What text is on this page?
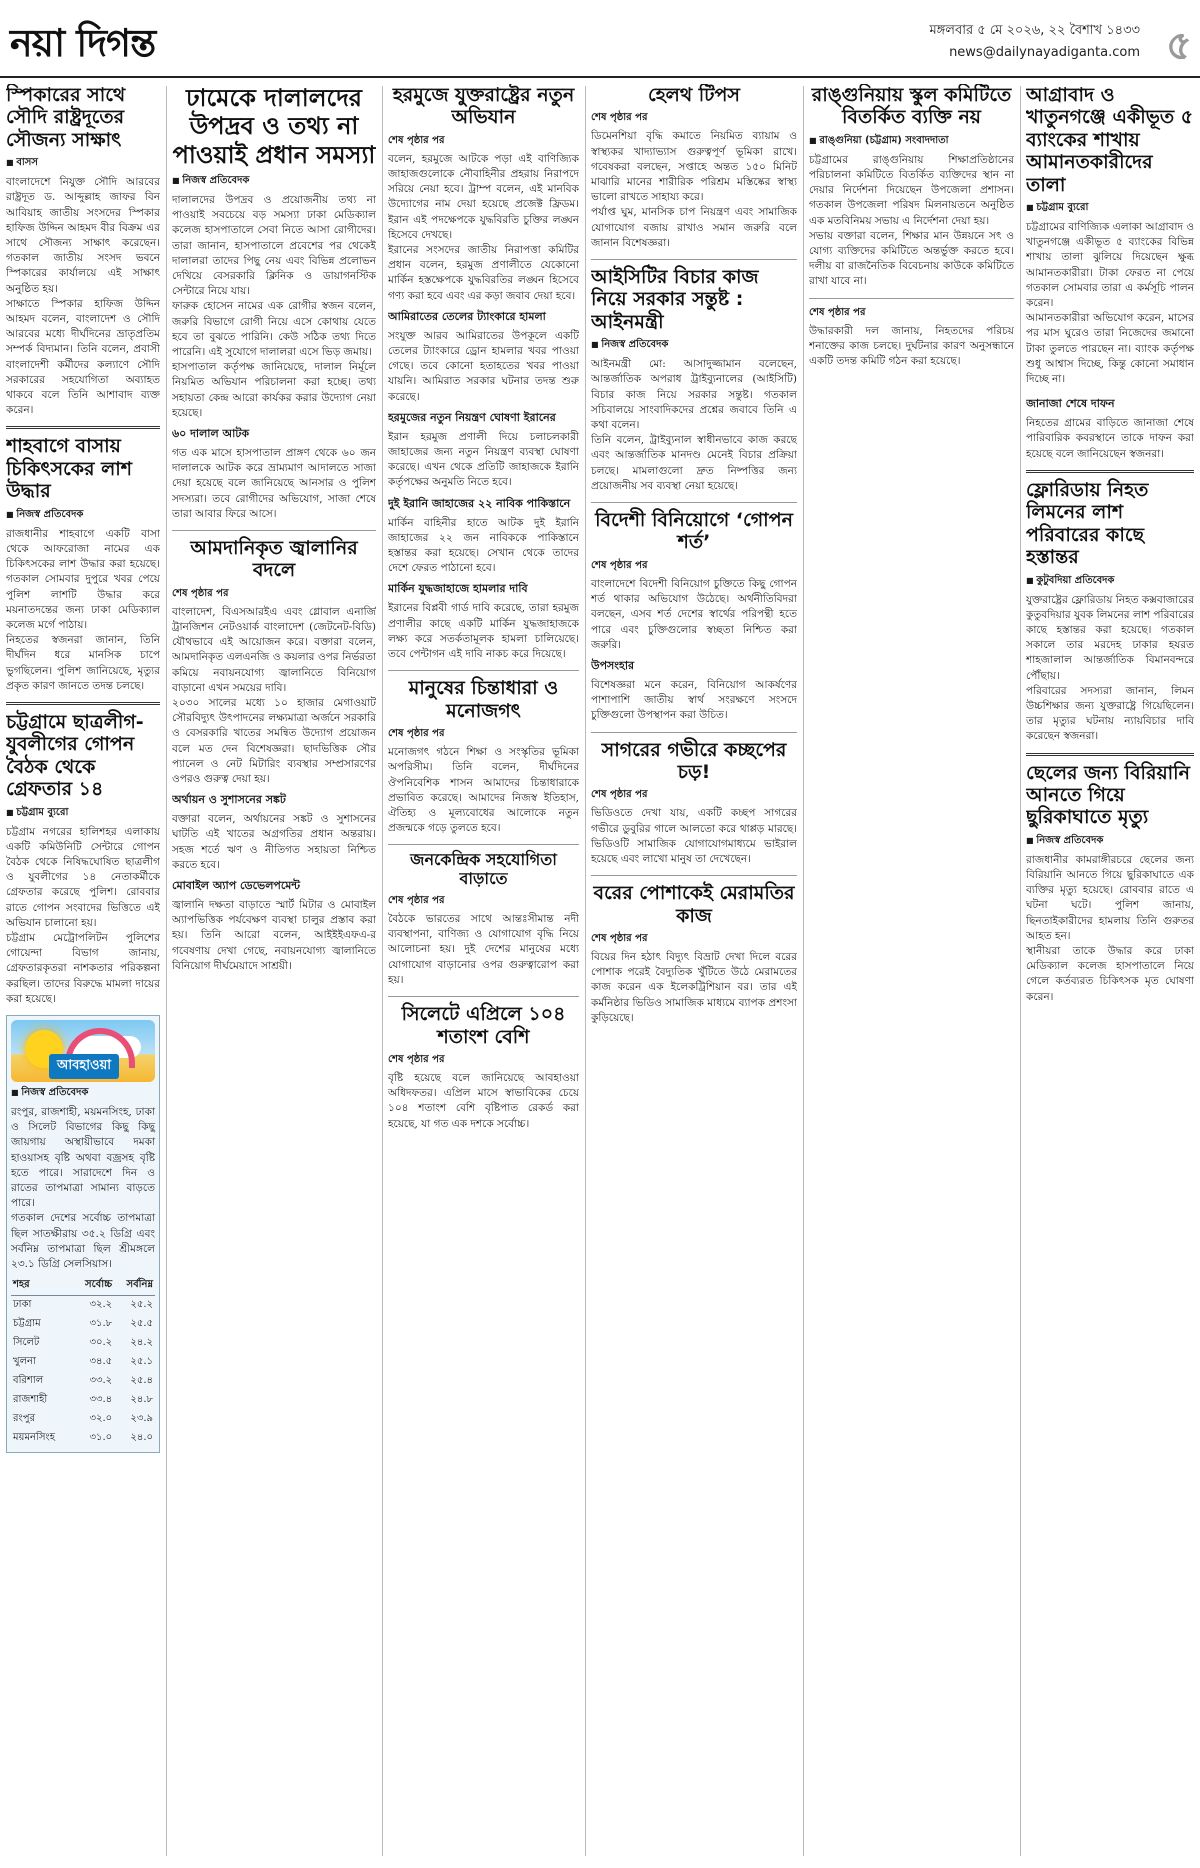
নয়া দিগন্ত	মঙ্গলবার ৫ মে ২০২৬, ২২ বৈশাখ ১৪৩৩
news@dailynayadiganta.com ৫
স্পিকারের সাথে সৌদি রাষ্ট্রদূতের সৌজন্য সাক্ষাৎ
■ বাসস

বাংলাদেশে নিযুক্ত সৌদি আরবের রাষ্ট্রদূত ড. আব্দুল্লাহ জাফর বিন আবিয়াহ জাতীয় সংসদের স্পিকার হাফিজ উদ্দিন আহমদ বীর বিক্রম এর সাথে সৌজন্য সাক্ষাৎ করেছেন। গতকাল জাতীয় সংসদ ভবনে স্পিকারের কার্যালয়ে এই সাক্ষাৎ অনুষ্ঠিত হয়।

সাক্ষাতে স্পিকার হাফিজ উদ্দিন আহমদ বলেন, বাংলাদেশ ও সৌদি আরবের মধ্যে দীর্ঘদিনের ভ্রাতৃপ্রতিম সম্পর্ক বিদ্যমান। তিনি বলেন, প্রবাসী বাংলাদেশী কর্মীদের কল্যাণে সৌদি সরকারের সহযোগিতা অব্যাহত থাকবে বলে তিনি আশাবাদ ব্যক্ত করেন।

শাহবাগে বাসায় চিকিৎসকের লাশ উদ্ধার
■ নিজস্ব প্রতিবেদক

রাজধানীর শাহবাগে একটি বাসা থেকে আফরোজা নামের এক চিকিৎসকের লাশ উদ্ধার করা হয়েছে। গতকাল সোমবার দুপুরে খবর পেয়ে পুলিশ লাশটি উদ্ধার করে ময়নাতদন্তের জন্য ঢাকা মেডিক্যাল কলেজ মর্গে পাঠায়।

নিহতের স্বজনরা জানান, তিনি দীর্ঘদিন ধরে মানসিক চাপে ভুগছিলেন। পুলিশ জানিয়েছে, মৃত্যুর প্রকৃত কারণ জানতে তদন্ত চলছে।

চট্টগ্রামে ছাত্রলীগ-যুবলীগের গোপন বৈঠক থেকে গ্রেফতার ১৪
■ চট্টগ্রাম ব্যুরো

চট্টগ্রাম নগরের হালিশহর এলাকায় একটি কমিউনিটি সেন্টারে গোপন বৈঠক থেকে নিষিদ্ধঘোষিত ছাত্রলীগ ও যুবলীগের ১৪ নেতাকর্মীকে গ্রেফতার করেছে পুলিশ। রোববার রাতে গোপন সংবাদের ভিত্তিতে এই অভিযান চালানো হয়।

চট্টগ্রাম মেট্রোপলিটন পুলিশের গোয়েন্দা বিভাগ জানায়, গ্রেফতারকৃতরা নাশকতার পরিকল্পনা করছিল। তাদের বিরুদ্ধে মামলা দায়ের করা হয়েছে।

আবহাওয়া
■ নিজস্ব প্রতিবেদক

রংপুর, রাজশাহী, ময়মনসিংহ, ঢাকা ও সিলেট বিভাগের কিছু কিছু জায়গায় অস্থায়ীভাবে দমকা হাওয়াসহ বৃষ্টি অথবা বজ্রসহ বৃষ্টি হতে পারে। সারাদেশে দিন ও রাতের তাপমাত্রা সামান্য বাড়তে পারে।

গতকাল দেশের সর্বোচ্চ তাপমাত্রা ছিল সাতক্ষীরায় ৩৫.২ ডিগ্রি এবং সর্বনিম্ন তাপমাত্রা ছিল শ্রীমঙ্গলে ২৩.১ ডিগ্রি সেলসিয়াস।

শহর	সর্বোচ্চ	সর্বনিম্ন
ঢাকা	৩২.২	২৫.২
চট্টগ্রাম	৩১.৮	২৫.৫
সিলেট	৩০.২	২৪.২
খুলনা	৩৪.৫	২৫.১
বরিশাল	৩৩.২	২৫.৪
রাজশাহী	৩৩.৪	২৪.৮
রংপুর	৩২.০	২৩.৯
ময়মনসিংহ	৩১.০	২৪.০
ঢামেকে দালালদের উপদ্রব ও তথ্য না পাওয়াই প্রধান সমস্যা
■ নিজস্ব প্রতিবেদক

দালালদের উপদ্রব ও প্রয়োজনীয় তথ্য না পাওয়াই সবচেয়ে বড় সমস্যা ঢাকা মেডিক্যাল কলেজ হাসপাতালে সেবা নিতে আসা রোগীদের। তারা জানান, হাসপাতালে প্রবেশের পর থেকেই দালালরা তাদের পিছু নেয় এবং বিভিন্ন প্রলোভন দেখিয়ে বেসরকারি ক্লিনিক ও ডায়াগনস্টিক সেন্টারে নিয়ে যায়।

ফারুক হোসেন নামের এক রোগীর স্বজন বলেন, জরুরি বিভাগে রোগী নিয়ে এসে কোথায় যেতে হবে তা বুঝতে পারিনি। কেউ সঠিক তথ্য দিতে পারেনি। এই সুযোগে দালালরা এসে ভিড় জমায়।

হাসপাতাল কর্তৃপক্ষ জানিয়েছে, দালাল নির্মূলে নিয়মিত অভিযান পরিচালনা করা হচ্ছে। তথ্য সহায়তা কেন্দ্র আরো কার্যকর করার উদ্যোগ নেয়া হয়েছে।

৬০ দালাল আটক

গত এক মাসে হাসপাতাল প্রাঙ্গণ থেকে ৬০ জন দালালকে আটক করে ভ্রাম্যমাণ আদালতে সাজা দেয়া হয়েছে বলে জানিয়েছে আনসার ও পুলিশ সদস্যরা। তবে রোগীদের অভিযোগ, সাজা শেষে তারা আবার ফিরে আসে।

আমদানিকৃত জ্বালানির বদলে
শেষ পৃষ্ঠার পর

বাংলাদেশ, বিএসআরইএ এবং গ্লোবাল এনার্জি ট্রানজিশন নেটওয়ার্ক বাংলাদেশ (জেটনেট-বিডি) যৌথভাবে এই আয়োজন করে। বক্তারা বলেন, আমদানিকৃত এলএনজি ও কয়লার ওপর নির্ভরতা কমিয়ে নবায়নযোগ্য জ্বালানিতে বিনিয়োগ বাড়ানো এখন সময়ের দাবি।

২০৩০ সালের মধ্যে ১০ হাজার মেগাওয়াট সৌরবিদ্যুৎ উৎপাদনের লক্ষ্যমাত্রা অর্জনে সরকারি ও বেসরকারি খাতের সমন্বিত উদ্যোগ প্রয়োজন বলে মত দেন বিশেষজ্ঞরা। ছাদভিত্তিক সৌর প্যানেল ও নেট মিটারিং ব্যবস্থার সম্প্রসারণের ওপরও গুরুত্ব দেয়া হয়।

অর্থায়ন ও সুশাসনের সঙ্কট

বক্তারা বলেন, অর্থায়নের সঙ্কট ও সুশাসনের ঘাটতি এই খাতের অগ্রগতির প্রধান অন্তরায়। সহজ শর্তে ঋণ ও নীতিগত সহায়তা নিশ্চিত করতে হবে।

মোবাইল অ্যাপ ডেভেলপমেন্ট

জ্বালানি দক্ষতা বাড়াতে স্মার্ট মিটার ও মোবাইল অ্যাপভিত্তিক পর্যবেক্ষণ ব্যবস্থা চালুর প্রস্তাব করা হয়। তিনি আরো বলেন, আইইইএফএ-র গবেষণায় দেখা গেছে, নবায়নযোগ্য জ্বালানিতে বিনিয়োগ দীর্ঘমেয়াদে সাশ্রয়ী।

হরমুজে যুক্তরাষ্ট্রের নতুন অভিযান
শেষ পৃষ্ঠার পর

বলেন, হরমুজে আটকে পড়া এই বাণিজ্যিক জাহাজগুলোকে নৌবাহিনীর প্রহরায় নিরাপদে সরিয়ে নেয়া হবে। ট্রাম্প বলেন, এই মানবিক উদ্যোগের নাম দেয়া হয়েছে প্রজেক্ট ফ্রিডম। ইরান এই পদক্ষেপকে যুদ্ধবিরতি চুক্তির লঙ্ঘন হিসেবে দেখছে।

ইরানের সংসদের জাতীয় নিরাপত্তা কমিটির প্রধান বলেন, হরমুজ প্রণালীতে যেকোনো মার্কিন হস্তক্ষেপকে যুদ্ধবিরতির লঙ্ঘন হিসেবে গণ্য করা হবে এবং এর কড়া জবাব দেয়া হবে।

আমিরাতের তেলের ট্যাংকারে হামলা

সংযুক্ত আরব আমিরাতের উপকূলে একটি তেলের ট্যাংকারে ড্রোন হামলার খবর পাওয়া গেছে। তবে কোনো হতাহতের খবর পাওয়া যায়নি। আমিরাত সরকার ঘটনার তদন্ত শুরু করেছে।

হরমুজের নতুন নিয়ন্ত্রণ ঘোষণা ইরানের

ইরান হরমুজ প্রণালী দিয়ে চলাচলকারী জাহাজের জন্য নতুন নিয়ন্ত্রণ ব্যবস্থা ঘোষণা করেছে। এখন থেকে প্রতিটি জাহাজকে ইরানি কর্তৃপক্ষের অনুমতি নিতে হবে।

দুই ইরানি জাহাজের ২২ নাবিক পাকিস্তানে

মার্কিন বাহিনীর হাতে আটক দুই ইরানি জাহাজের ২২ জন নাবিককে পাকিস্তানে হস্তান্তর করা হয়েছে। সেখান থেকে তাদের দেশে ফেরত পাঠানো হবে।

মার্কিন যুদ্ধজাহাজে হামলার দাবি

ইরানের বিপ্লবী গার্ড দাবি করেছে, তারা হরমুজ প্রণালীর কাছে একটি মার্কিন যুদ্ধজাহাজকে লক্ষ্য করে সতর্কতামূলক হামলা চালিয়েছে। তবে পেন্টাগন এই দাবি নাকচ করে দিয়েছে।

মানুষের চিন্তাধারা ও মনোজগৎ
শেষ পৃষ্ঠার পর

মনোজগৎ গঠনে শিক্ষা ও সংস্কৃতির ভূমিকা অপরিসীম। তিনি বলেন, দীর্ঘদিনের ঔপনিবেশিক শাসন আমাদের চিন্তাধারাকে প্রভাবিত করেছে। আমাদের নিজস্ব ইতিহাস, ঐতিহ্য ও মূল্যবোধের আলোকে নতুন প্রজন্মকে গড়ে তুলতে হবে।

জনকেন্দ্রিক সহযোগিতা বাড়াতে
শেষ পৃষ্ঠার পর

বৈঠকে ভারতের সাথে আন্তঃসীমান্ত নদী ব্যবস্থাপনা, বাণিজ্য ও যোগাযোগ বৃদ্ধি নিয়ে আলোচনা হয়। দুই দেশের মানুষের মধ্যে যোগাযোগ বাড়ানোর ওপর গুরুত্বারোপ করা হয়।

সিলেটে এপ্রিলে ১০৪ শতাংশ বেশি
শেষ পৃষ্ঠার পর

বৃষ্টি হয়েছে বলে জানিয়েছে আবহাওয়া অধিদফতর। এপ্রিল মাসে স্বাভাবিকের চেয়ে ১০৪ শতাংশ বেশি বৃষ্টিপাত রেকর্ড করা হয়েছে, যা গত এক দশকে সর্বোচ্চ।

হেলথ টিপস
শেষ পৃষ্ঠার পর

ডিমেনশিয়া বৃদ্ধি কমাতে নিয়মিত ব্যায়াম ও স্বাস্থ্যকর খাদ্যাভ্যাস গুরুত্বপূর্ণ ভূমিকা রাখে। গবেষকরা বলছেন, সপ্তাহে অন্তত ১৫০ মিনিট মাঝারি মানের শারীরিক পরিশ্রম মস্তিষ্কের স্বাস্থ্য ভালো রাখতে সাহায্য করে।

পর্যাপ্ত ঘুম, মানসিক চাপ নিয়ন্ত্রণ এবং সামাজিক যোগাযোগ বজায় রাখাও সমান জরুরি বলে জানান বিশেষজ্ঞরা।

আইসিটির বিচার কাজ নিয়ে সরকার সন্তুষ্ট : আইনমন্ত্রী
■ নিজস্ব প্রতিবেদক

আইনমন্ত্রী মো: আসাদুজ্জামান বলেছেন, আন্তর্জাতিক অপরাধ ট্রাইব্যুনালের (আইসিটি) বিচার কাজ নিয়ে সরকার সন্তুষ্ট। গতকাল সচিবালয়ে সাংবাদিকদের প্রশ্নের জবাবে তিনি এ কথা বলেন।

তিনি বলেন, ট্রাইব্যুনাল স্বাধীনভাবে কাজ করছে এবং আন্তর্জাতিক মানদণ্ড মেনেই বিচার প্রক্রিয়া চলছে। মামলাগুলো দ্রুত নিষ্পত্তির জন্য প্রয়োজনীয় সব ব্যবস্থা নেয়া হয়েছে।

বিদেশী বিনিয়োগে ‘গোপন শর্ত’
শেষ পৃষ্ঠার পর

বাংলাদেশে বিদেশী বিনিয়োগ চুক্তিতে কিছু গোপন শর্ত থাকার অভিযোগ উঠেছে। অর্থনীতিবিদরা বলছেন, এসব শর্ত দেশের স্বার্থের পরিপন্থী হতে পারে এবং চুক্তিগুলোর স্বচ্ছতা নিশ্চিত করা জরুরি।

উপসংহার

বিশেষজ্ঞরা মনে করেন, বিনিয়োগ আকর্ষণের পাশাপাশি জাতীয় স্বার্থ সংরক্ষণে সংসদে চুক্তিগুলো উপস্থাপন করা উচিত।

সাগরের গভীরে কচ্ছপের চড়!
শেষ পৃষ্ঠার পর

ভিডিওতে দেখা যায়, একটি কচ্ছপ সাগরের গভীরে ডুবুরির গালে আলতো করে থাপ্পড় মারছে। ভিডিওটি সামাজিক যোগাযোগমাধ্যমে ভাইরাল হয়েছে এবং লাখো মানুষ তা দেখেছেন।

বরের পোশাকেই মেরামতির কাজ
শেষ পৃষ্ঠার পর

বিয়ের দিন হঠাৎ বিদ্যুৎ বিভ্রাট দেখা দিলে বরের পোশাক পরেই বৈদ্যুতিক খুঁটিতে উঠে মেরামতের কাজ করেন এক ইলেকট্রিশিয়ান বর। তার এই কর্মনিষ্ঠার ভিডিও সামাজিক মাধ্যমে ব্যাপক প্রশংসা কুড়িয়েছে।

রাঙ্গুনিয়ায় স্কুল কমিটিতে বিতর্কিত ব্যক্তি নয়
■ রাঙ্গুনিয়া (চট্টগ্রাম) সংবাদদাতা

চট্টগ্রামের রাঙ্গুনিয়ায় শিক্ষাপ্রতিষ্ঠানের পরিচালনা কমিটিতে বিতর্কিত ব্যক্তিদের স্থান না দেয়ার নির্দেশনা দিয়েছেন উপজেলা প্রশাসন। গতকাল উপজেলা পরিষদ মিলনায়তনে অনুষ্ঠিত এক মতবিনিময় সভায় এ নির্দেশনা দেয়া হয়।

সভায় বক্তারা বলেন, শিক্ষার মান উন্নয়নে সৎ ও যোগ্য ব্যক্তিদের কমিটিতে অন্তর্ভুক্ত করতে হবে। দলীয় বা রাজনৈতিক বিবেচনায় কাউকে কমিটিতে রাখা যাবে না।

শেষ পৃষ্ঠার পর

উদ্ধারকারী দল জানায়, নিহতদের পরিচয় শনাক্তের কাজ চলছে। দুর্ঘটনার কারণ অনুসন্ধানে একটি তদন্ত কমিটি গঠন করা হয়েছে।

আগ্রাবাদ ও খাতুনগঞ্জে একীভূত ৫ ব্যাংকের শাখায় আমানতকারীদের তালা
■ চট্টগ্রাম ব্যুরো

চট্টগ্রামের বাণিজ্যিক এলাকা আগ্রাবাদ ও খাতুনগঞ্জে একীভূত ৫ ব্যাংকের বিভিন্ন শাখায় তালা ঝুলিয়ে দিয়েছেন ক্ষুব্ধ আমানতকারীরা। টাকা ফেরত না পেয়ে গতকাল সোমবার তারা এ কর্মসূচি পালন করেন।

আমানতকারীরা অভিযোগ করেন, মাসের পর মাস ঘুরেও তারা নিজেদের জমানো টাকা তুলতে পারছেন না। ব্যাংক কর্তৃপক্ষ শুধু আশ্বাস দিচ্ছে, কিন্তু কোনো সমাধান দিচ্ছে না।

জানাজা শেষে দাফন

নিহতের গ্রামের বাড়িতে জানাজা শেষে পারিবারিক কবরস্থানে তাকে দাফন করা হয়েছে বলে জানিয়েছেন স্বজনরা।

ফ্লোরিডায় নিহত লিমনের লাশ পরিবারের কাছে হস্তান্তর
■ কুটুবদিয়া প্রতিবেদক

যুক্তরাষ্ট্রের ফ্লোরিডায় নিহত কক্সবাজারের কুতুবদিয়ার যুবক লিমনের লাশ পরিবারের কাছে হস্তান্তর করা হয়েছে। গতকাল সকালে তার মরদেহ ঢাকার হযরত শাহজালাল আন্তর্জাতিক বিমানবন্দরে পৌঁছায়।

পরিবারের সদস্যরা জানান, লিমন উচ্চশিক্ষার জন্য যুক্তরাষ্ট্রে গিয়েছিলেন। তার মৃত্যুর ঘটনায় ন্যায়বিচার দাবি করেছেন স্বজনরা।

ছেলের জন্য বিরিয়ানি আনতে গিয়ে ছুরিকাঘাতে মৃত্যু
■ নিজস্ব প্রতিবেদক

রাজধানীর কামরাঙ্গীরচরে ছেলের জন্য বিরিয়ানি আনতে গিয়ে ছুরিকাঘাতে এক ব্যক্তির মৃত্যু হয়েছে। রোববার রাতে এ ঘটনা ঘটে। পুলিশ জানায়, ছিনতাইকারীদের হামলায় তিনি গুরুতর আহত হন।

স্থানীয়রা তাকে উদ্ধার করে ঢাকা মেডিক্যাল কলেজ হাসপাতালে নিয়ে গেলে কর্তব্যরত চিকিৎসক মৃত ঘোষণা করেন।
